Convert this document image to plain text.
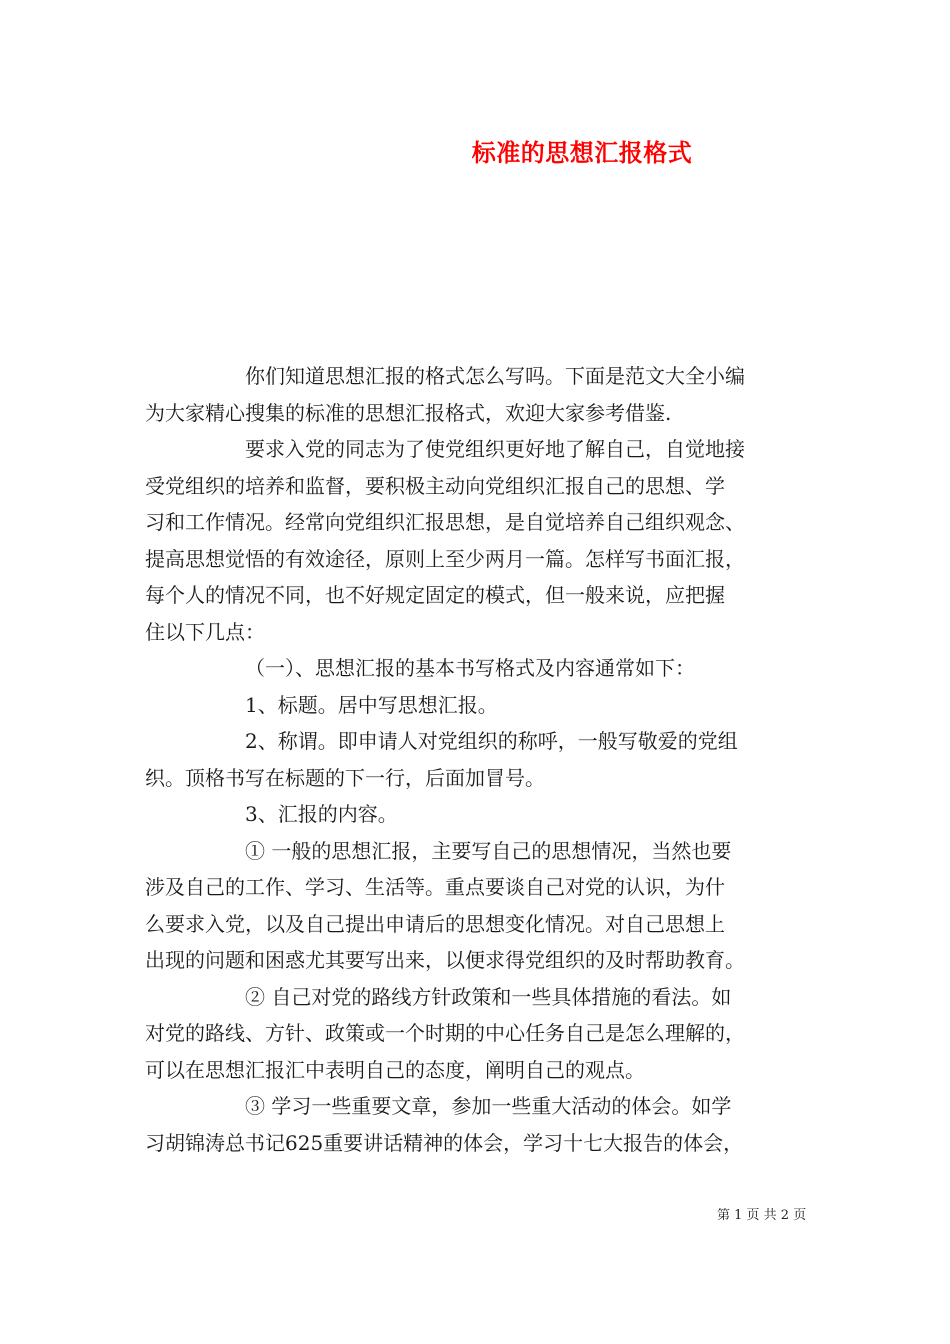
标准的思想汇报格式
你们知道思想汇报的格式怎么写吗。下面是范文大全小编
为大家精心搜集的标准的思想汇报格式，欢迎大家参考借鉴.
要求入党的同志为了使党组织更好地了解自己，自觉地接
受党组织的培养和监督，要积极主动向党组织汇报自己的思想、学
习和工作情况。经常向党组织汇报思想，是自觉培养自己组织观念、
提高思想觉悟的有效途径，原则上至少两月一篇。怎样写书面汇报，
每个人的情况不同，也不好规定固定的模式，但一般来说，应把握
住以下几点：
（一）、思想汇报的基本书写格式及内容通常如下：
1、标题。居中写思想汇报。
2、称谓。即申请人对党组织的称呼，一般写敬爱的党组
织。顶格书写在标题的下一行，后面加冒号。
3、汇报的内容。
① 一般的思想汇报，主要写自己的思想情况，当然也要
涉及自己的工作、学习、生活等。重点要谈自己对党的认识，为什
么要求入党，以及自己提出申请后的思想变化情况。对自己思想上
出现的问题和困惑尤其要写出来，以便求得党组织的及时帮助教育。
② 自己对党的路线方针政策和一些具体措施的看法。如
对党的路线、方针、政策或一个时期的中心任务自己是怎么理解的，
可以在思想汇报汇中表明自己的态度，阐明自己的观点。
③ 学习一些重要文章，参加一些重大活动的体会。如学
习胡锦涛总书记625重要讲话精神的体会，学习十七大报告的体会，
第 1 页 共 2 页
